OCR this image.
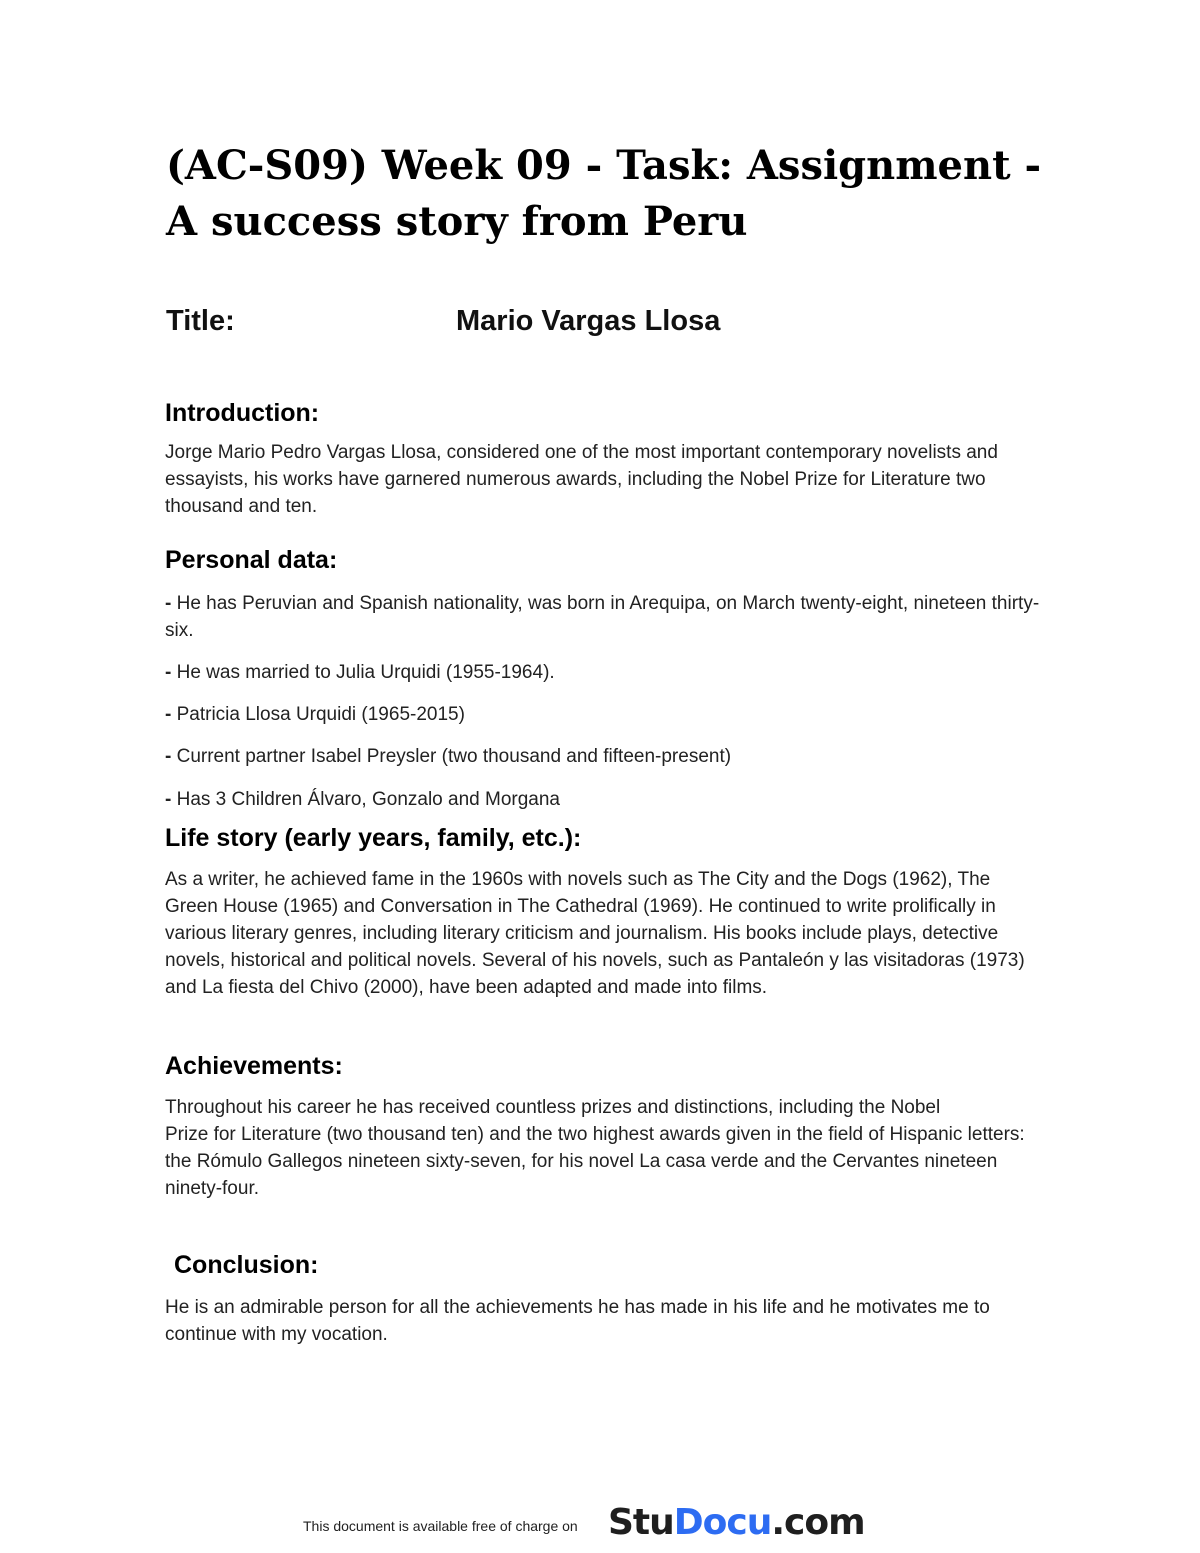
(AC-S09) Week 09 - Task: Assignment - A success story from Peru
Title:	Mario Vargas Llosa
Introduction:

Jorge Mario Pedro Vargas Llosa, considered one of the most important contemporary novelists and essayists, his works have garnered numerous awards, including the Nobel Prize for Literature two thousand and ten.

Personal data:

- He has Peruvian and Spanish nationality, was born in Arequipa, on March twenty-eight, nineteen thirty-six.

- He was married to Julia Urquidi (1955-1964).

- Patricia Llosa Urquidi (1965-2015)

- Current partner Isabel Preysler (two thousand and fifteen-present)

- Has 3 Children Álvaro, Gonzalo and Morgana

Life story (early years, family, etc.):

As a writer, he achieved fame in the 1960s with novels such as The City and the Dogs (1962), The Green House (1965) and Conversation in The Cathedral (1969). He continued to write prolifically in various literary genres, including literary criticism and journalism. His books include plays, detective novels, historical and political novels. Several of his novels, such as Pantaleón y las visitadoras (1973) and La fiesta del Chivo (2000), have been adapted and made into films.

Achievements:

Throughout his career he has received countless prizes and distinctions, including the Nobel

Prize for Literature (two thousand ten) and the two highest awards given in the field of Hispanic letters: the Rómulo Gallegos nineteen sixty-seven, for his novel La casa verde and the Cervantes nineteen ninety-four.

Conclusion:

He is an admirable person for all the achievements he has made in his life and he motivates me to continue with my vocation.

This document is available free of charge on StuDocu.com
